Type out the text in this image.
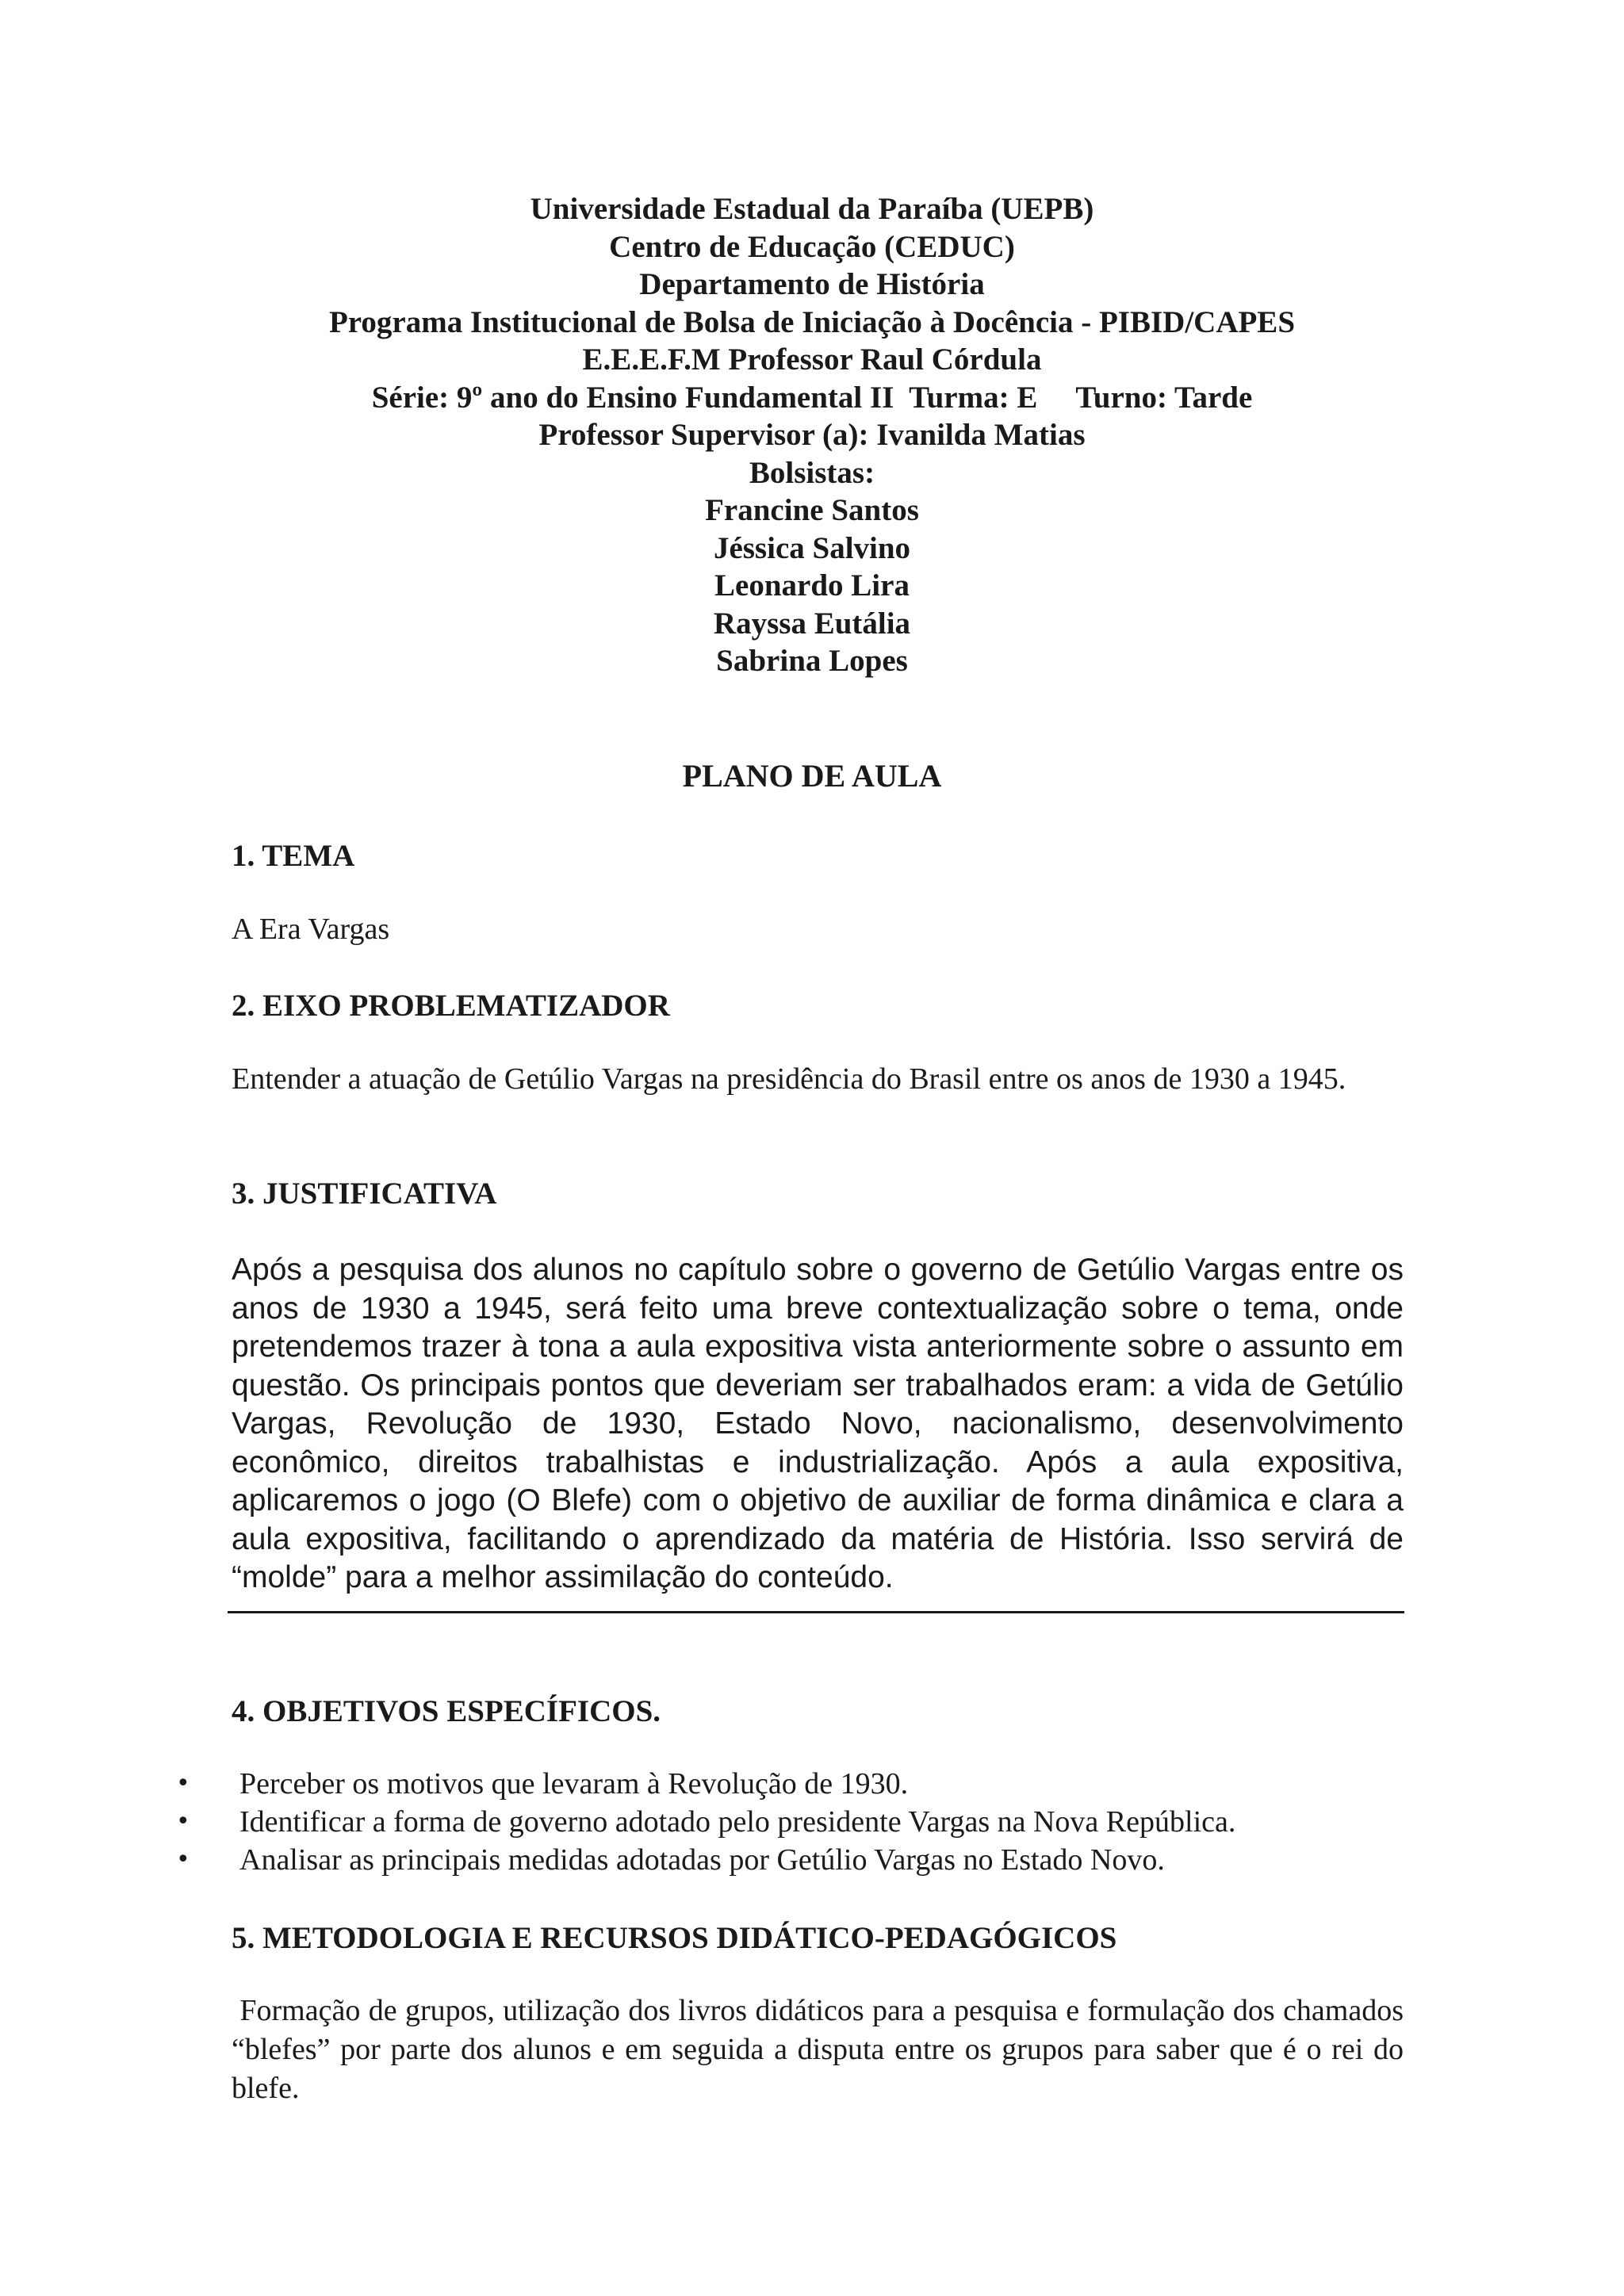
Universidade Estadual da Paraíba (UEPB)
Centro de Educação (CEDUC)
Departamento de História
Programa Institucional de Bolsa de Iniciação à Docência - PIBID/CAPES
E.E.E.F.M Professor Raul Córdula
Série: 9º ano do Ensino Fundamental II  Turma: E     Turno: Tarde
Professor Supervisor (a): Ivanilda Matias
Bolsistas:
Francine Santos
Jéssica Salvino
Leonardo Lira
Rayssa Eutália
Sabrina Lopes
PLANO DE AULA
1. TEMA
A Era Vargas
2. EIXO PROBLEMATIZADOR
Entender a atuação de Getúlio Vargas na presidência do Brasil entre os anos de 1930 a 1945.
3. JUSTIFICATIVA
Após a pesquisa dos alunos no capítulo sobre o governo de Getúlio Vargas entre os anos de 1930 a 1945, será feito uma breve contextualização sobre o tema, onde pretendemos trazer à tona a aula expositiva vista anteriormente sobre o assunto em questão. Os principais pontos que deveriam ser trabalhados eram: a vida de Getúlio Vargas, Revolução de 1930, Estado Novo, nacionalismo, desenvolvimento econômico, direitos trabalhistas e industrialização. Após a aula expositiva, aplicaremos o jogo (O Blefe) com o objetivo de auxiliar de forma dinâmica e clara a aula expositiva, facilitando o aprendizado da matéria de História. Isso servirá de “molde” para a melhor assimilação do conteúdo.
4. OBJETIVOS ESPECÍFICOS.
• Perceber os motivos que levaram à Revolução de 1930.
• Identificar a forma de governo adotado pelo presidente Vargas na Nova República.
• Analisar as principais medidas adotadas por Getúlio Vargas no Estado Novo.
5. METODOLOGIA E RECURSOS DIDÁTICO-PEDAGÓGICOS
Formação de grupos, utilização dos livros didáticos para a pesquisa e formulação dos chamados “blefes” por parte dos alunos e em seguida a disputa entre os grupos para saber que é o rei do blefe.
